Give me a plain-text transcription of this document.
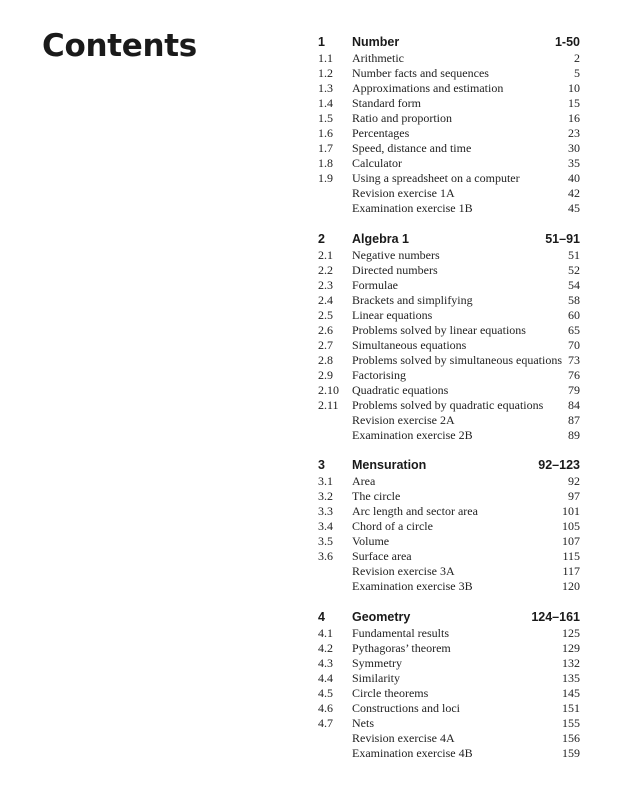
Contents	1 Number	1-50
1.1 Arithmetic	2
1.2 Number facts and sequences	5
1.3 Approximations and estimation	10
1.4 Standard form	15
1.5 Ratio and proportion	16
1.6 Percentages	23
1.7 Speed, distance and time	30
1.8 Calculator	35
1.9 Using a spreadsheet on a computer	40
Revision exercise 1A	42
Examination exercise 1B	45
2 Algebra 1	51–91
2.1 Negative numbers	51
2.2 Directed numbers	52
2.3 Formulae	54
2.4 Brackets and simplifying	58
2.5 Linear equations	60
2.6 Problems solved by linear equations	65
2.7 Simultaneous equations	70
2.8 Problems solved by simultaneous equations 73
2.9 Factorising	76
2.10 Quadratic equations	79
2.11 Problems solved by quadratic equations 84
Revision exercise 2A	87
Examination exercise 2B	89
3 Mensuration	92–123
3.1 Area	92
3.2 The circle	97
3.3 Arc length and sector area	101
3.4 Chord of a circle	105
3.5 Volume	107
3.6 Surface area	115
Revision exercise 3A	117
Examination exercise 3B	120
4 Geometry	124–161
4.1 Fundamental results	125
4.2 Pythagoras’ theorem	129
4.3 Symmetry	132
4.4 Similarity	135
4.5 Circle theorems	145
4.6 Constructions and loci	151
4.7 Nets	155
Revision exercise 4A	156
Examination exercise 4B	159
